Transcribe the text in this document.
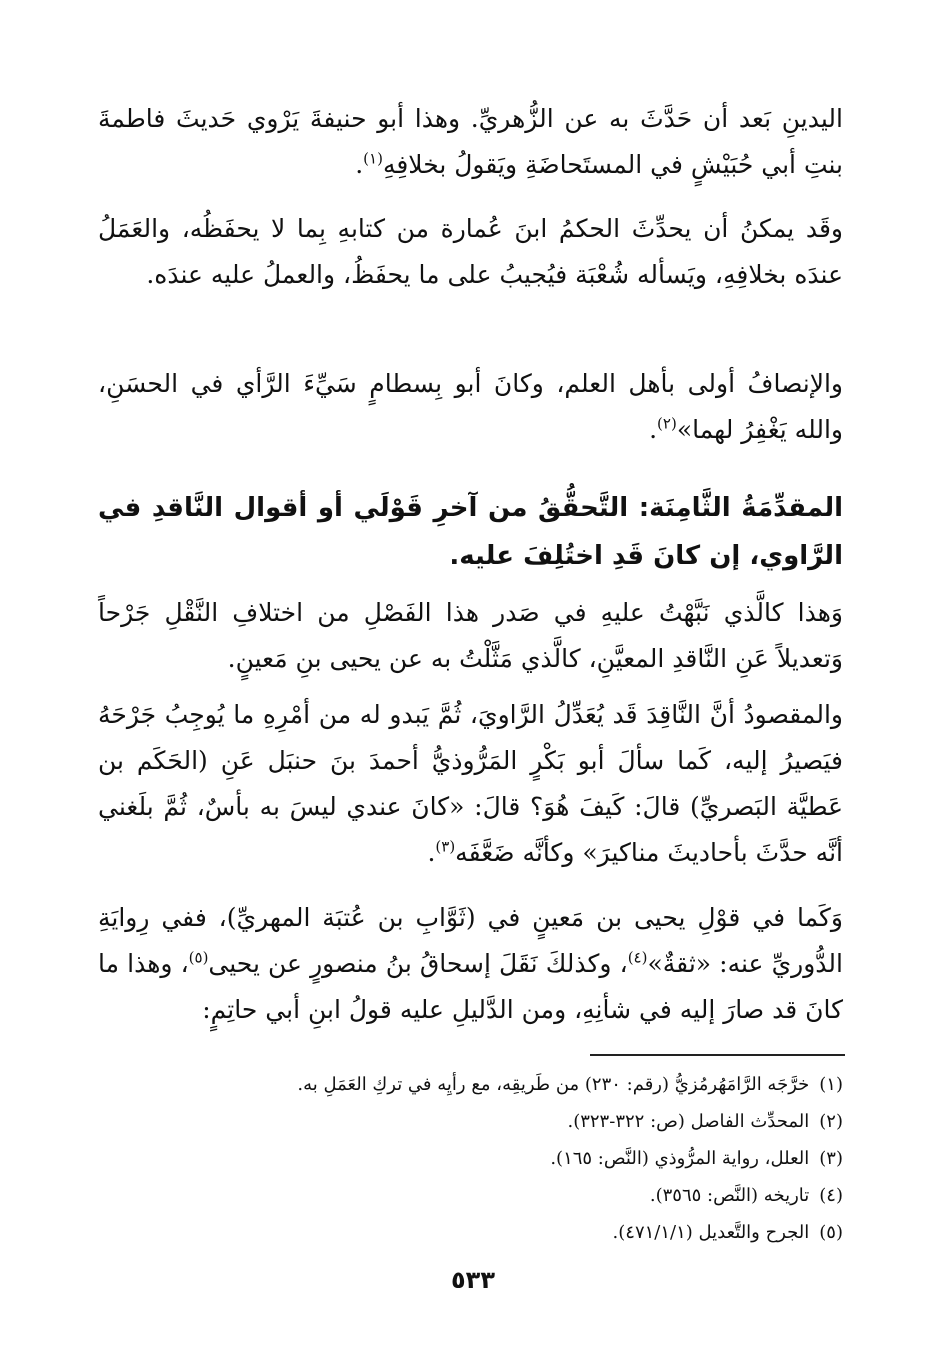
اليدينِ بَعد أن حَدَّثَ به عن الزُّهريِّ. وهذا أبو حنيفةَ يَرْوي حَديثَ فاطمةَ بنتِ أبي حُبَيْشٍ في المستَحاضَةِ ويَقولُ بخلافِهِ$^{(١)}$.

وقَد يمكنُ أن يحدِّثَ الحكمُ ابنَ عُمارة من كتابهِ بِما لا يحفَظُه، والعَمَلُ عندَه بخلافِهِ، ويَسأله شُعْبَة فيُجيبُ على ما يحفَظُ، والعملُ عليه عندَه.

والإنصافُ أولى بأهل العلم، وكانَ أبو بِسطامٍ سَيِّءَ الرَّأي في الحسَنِ، والله يَغْفِرُ لهما»$^{(٢)}$.

المقدِّمَةُ الثَّامِنَة: التَّحقُّقُ من آخرِ قَوْلَي أو أقوال النَّاقدِ في الرَّاوي، إن كانَ قَدِ اختُلِفَ عليه.

وَهذا كالَّذي نَبَّهْتُ عليهِ في صَدر هذا الفَصْلِ من اختلافِ النَّقْلِ جَرْحاً وَتعديلاً عَنِ النَّاقدِ المعيَّنِ، كالَّذي مَثَّلْتُ به عن يحيى بنِ مَعينٍ.

والمقصودُ أنَّ النَّاقِدَ قَد يُعَدِّلُ الرَّاويَ، ثُمَّ يَبدو له من أمْرِهِ ما يُوجِبُ جَرْحَهُ فيَصيرُ إليه، كَما سألَ أبو بَكْرٍ المَرُّوذيُّ أحمدَ بنَ حنبَل عَنِ (الحَكَم بن عَطيَّة البَصريِّ) قالَ: كَيفَ هُوَ؟ قالَ: «كانَ عندي ليسَ به بأسٌ، ثُمَّ بلَغني أنَّه حدَّثَ بأحاديثَ مناكيرَ» وكأنَّه ضَعَّفَه$^{(٣)}$.

وَكَما في قوْلِ يحيى بن مَعينٍ في (ثَوَّابِ بن عُتبَة المهريِّ)، ففي رِوايَةِ الدُّوريِّ عنه: «ثقةٌ»$^{(٤)}$، وكذلكَ نَقَلَ إسحاقُ بنُ منصورٍ عن يحيى$^{(٥)}$، وهذا ما كانَ قد صارَ إليه في شأنِهِ، ومن الدَّليلِ عليه قولُ ابنِ أبي حاتِمٍ:

(١)خرَّجَه الرَّامَهُرمُزيُّ (رقم: ٢٣٠) من طَريقِه، مع رأيِه في تركِ العَمَلِ به.
(٢)المحدِّث الفاصل (ص: ٣٢٢-٣٢٣).
(٣)العلل، رواية المرُّوذي (النَّص: ١٦٥).
(٤)تاريخه (النَّص: ٣٥٦٥).
(٥)الجرح والتَّعديل (٤٧١/١/١).
٥٣٣
